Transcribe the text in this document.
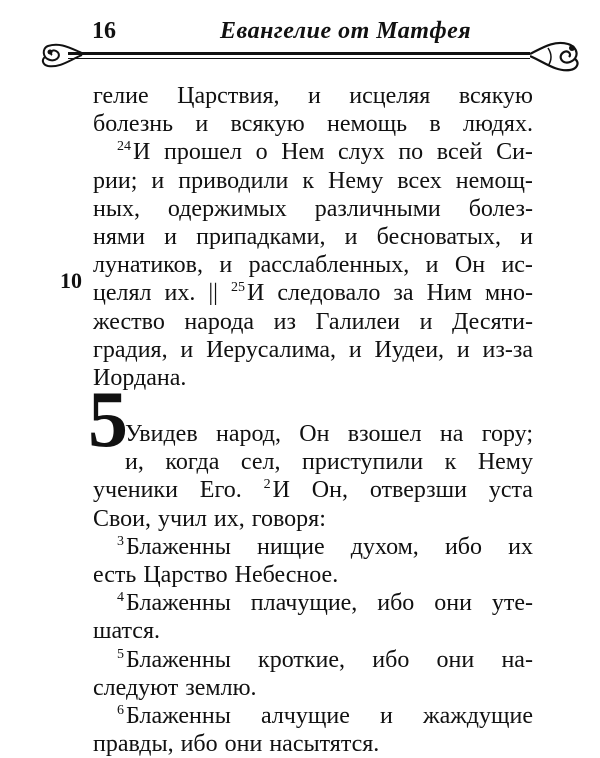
16	Евангелие от Матфея
10
5
гелие Царствия, и исцеляя всякую
болезнь и всякую немощь в людях.
$^{24}$И прошел о Нем слух по всей Си-
рии; и приводили к Нему всех немощ-
ных, одержимых различными болез-
нями и припадками, и бесноватых, и
лунатиков, и расслабленных, и Он ис-
целял их. || $^{25}$И следовало за Ним мно-
жество народа из Галилеи и Десяти-
градия, и Иерусалима, и Иудеи, и из-за
Иордана.
Увидев народ, Он взошел на гору;
и, когда сел, приступили к Нему
ученики Его. $^2$И Он, отверзши уста
Свои, учил их, говоря:
$^3$Блаженны нищие духом, ибо их
есть Царство Небесное.
$^4$Блаженны плачущие, ибо они уте-
шатся.
$^5$Блаженны кроткие, ибо они на-
следуют землю.
$^6$Блаженны алчущие и жаждущие
правды, ибо они насытятся.
